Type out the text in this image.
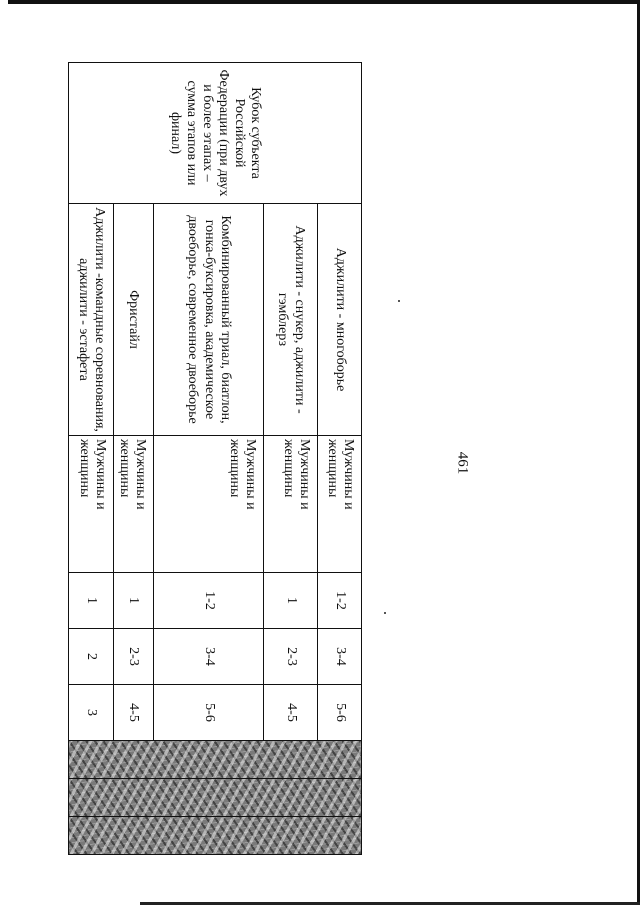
461
Кубок субъекта Российской Федерации (при двух и более этапах – сумма этапов или финал)	Аджилити - многоборье	Мужчины и женщины	1-2	3-4	5-6			
	Аджилити - снукер, аджилити - гэмблерз	Мужчины и женщины	1	2-3	4-5			
	Комбинированный триал, биатлон, гонка-буксировка, академическое двоеборье, современное двоеборье	Мужчины и женщины	1-2	3-4	5-6			
	Фристайл	Мужчины и женщины	1	2-3	4-5			
	Аджилити -командные соревнования, аджилити - эстафета	Мужчины и женщины	1	2	3			
